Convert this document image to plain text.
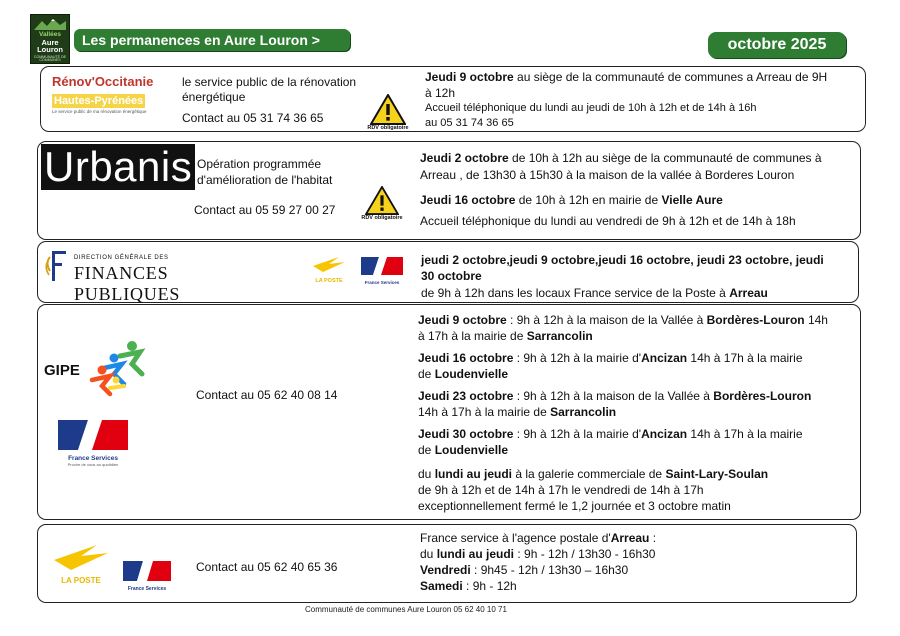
Vallées
Aure
Louron
COMMUNAUTÉ DE COMMUNES
Les permanences en Aure Louron >	octobre 2025
Rénov'Occitanie
Hautes-Pyrénées
Le service public de ma rénovation énergétique
le service public de la rénovation
énergétique
Contact au 05 31 74 36 65
RDV obligatoire
Jeudi 9 octobre au siège de la communauté de communes a Arreau de 9H
à 12h
Accueil téléphonique du lundi au jeudi de 10h à 12h et de 14h à 16h
au 05 31 74 36 65
Urbanis Opération programmée
d'amélioration de l'habitat
Contact au 05 59 27 00 27
RDV obligatoire
Jeudi 2 octobre de 10h à 12h au siège de la communauté de communes à
Arreau , de 13h30 à 15h30 à la maison de la vallée à Borderes Louron
Jeudi 16 octobre de 10h à 12h en mairie de Vielle Aure
Accueil téléphonique du lundi au vendredi de 9h à 12h et de 14h à 18h
DIRECTION GÉNÉRALE DES
FINANCES PUBLIQUES
LA POSTE	France Services
jeudi 2 octobre,jeudi 9 octobre,jeudi 16 octobre, jeudi 23 octobre, jeudi
30 octobre
de 9h à 12h dans les locaux France service de la Poste à Arreau
GIPE
France Services
Proche de vous au quotidien
Contact au 05 62 40 08 14
Jeudi 9 octobre : 9h à 12h à la maison de la Vallée à Bordères-Louron 14h
à 17h à la mairie de Sarrancolin
Jeudi 16 octobre : 9h à 12h à la mairie d'Ancizan 14h à 17h à la mairie
de Loudenvielle
Jeudi 23 octobre : 9h à 12h à la maison de la Vallée à Bordères-Louron
14h à 17h à la mairie de Sarrancolin
Jeudi 30 octobre : 9h à 12h à la mairie d'Ancizan 14h à 17h à la mairie
de Loudenvielle
du lundi au jeudi à la galerie commerciale de Saint-Lary-Soulan
de 9h à 12h et de 14h à 17h le vendredi de 14h à 17h
exceptionnellement fermé le 1,2 journée et 3 octobre matin
LA POSTE
France Services
Contact au 05 62 40 65 36
France service à l'agence postale d'Arreau :
du lundi au jeudi : 9h - 12h / 13h30 - 16h30
Vendredi : 9h45 - 12h / 13h30 – 16h30
Samedi : 9h - 12h
Communauté de communes Aure Louron 05 62 40 10 71
